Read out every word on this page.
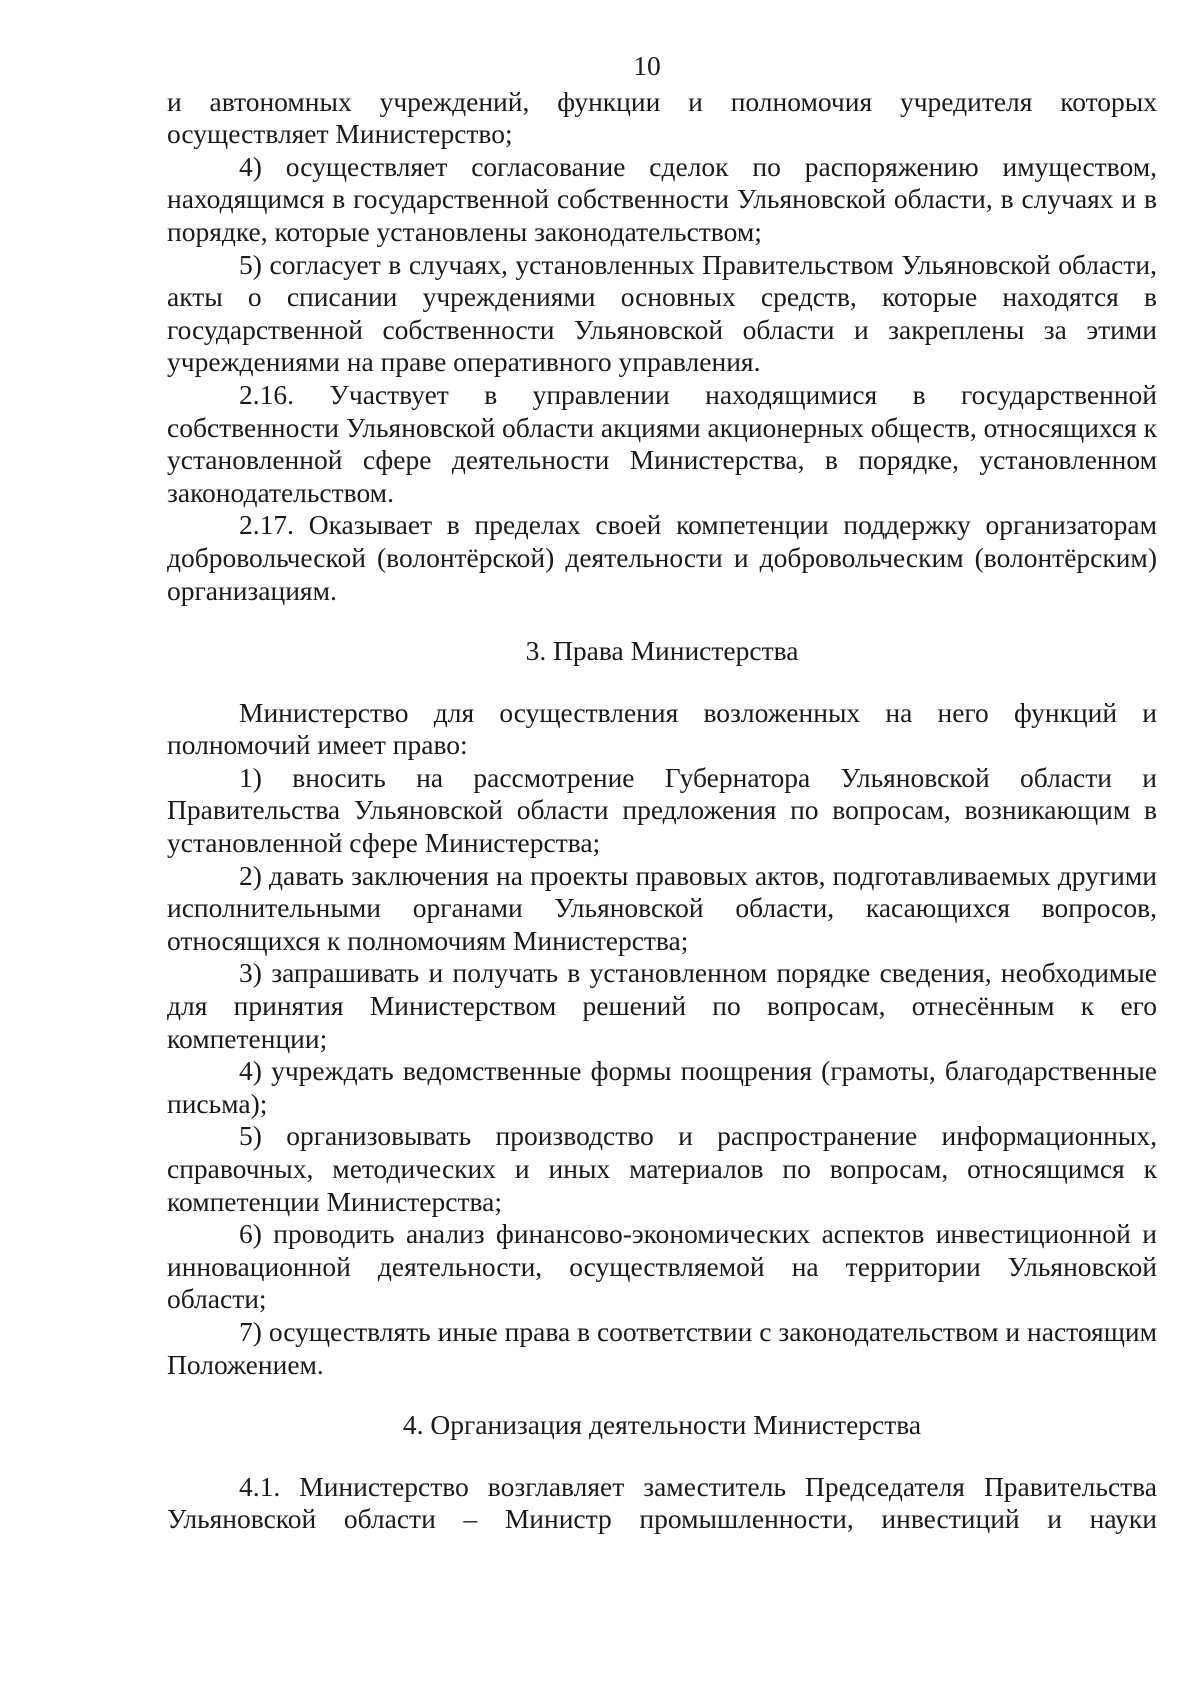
10

и автономных учреждений, функции и полномочия учредителя которых осуществляет Министерство;

4) осуществляет согласование сделок по распоряжению имуществом, находящимся в государственной собственности Ульяновской области, в случаях и в порядке, которые установлены законодательством;

5) согласует в случаях, установленных Правительством Ульяновской области, акты о списании учреждениями основных средств, которые находятся в государственной собственности Ульяновской области и закреплены за этими учреждениями на праве оперативного управления.

2.16. Участвует в управлении находящимися в государственной собственности Ульяновской области акциями акционерных обществ, относящихся к установленной сфере деятельности Министерства, в порядке, установленном законодательством.

2.17. Оказывает в пределах своей компетенции поддержку организаторам добровольческой (волонтёрской) деятельности и добровольческим (волонтёрским) организациям.

3. Права Министерства

Министерство для осуществления возложенных на него функций и полномочий имеет право:

1) вносить на рассмотрение Губернатора Ульяновской области и Правительства Ульяновской области предложения по вопросам, возникающим в установленной сфере Министерства;

2) давать заключения на проекты правовых актов, подготавливаемых другими исполнительными органами Ульяновской области, касающихся вопросов, относящихся к полномочиям Министерства;

3) запрашивать и получать в установленном порядке сведения, необходимые для принятия Министерством решений по вопросам, отнесённым к его компетенции;

4) учреждать ведомственные формы поощрения (грамоты, благодарственные письма);

5) организовывать производство и распространение информационных, справочных, методических и иных материалов по вопросам, относящимся к компетенции Министерства;

6) проводить анализ финансово-экономических аспектов инвестиционной и инновационной деятельности, осуществляемой на территории Ульяновской области;

7) осуществлять иные права в соответствии с законодательством и настоящим Положением.

4. Организация деятельности Министерства

4.1. Министерство возглавляет заместитель Председателя Правительства Ульяновской области – Министр промышленности, инвестиций и науки
